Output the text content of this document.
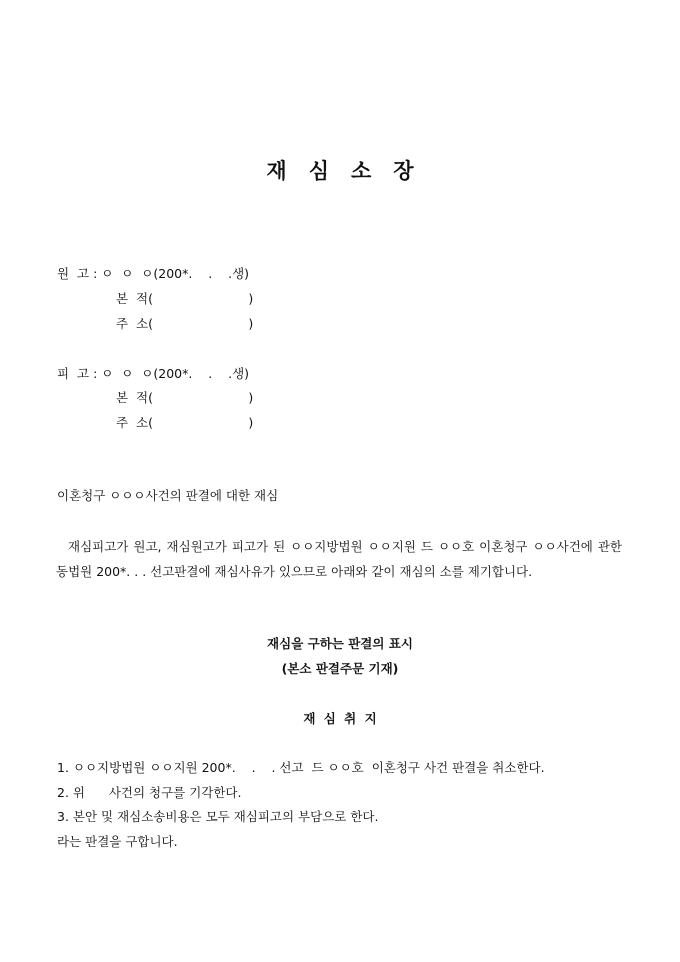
재 심 소 장
원  고 : ㅇ  ㅇ  ㅇ(200*.    .    .생)
본  적(                        )
주  소(                        )
피  고 : ㅇ  ㅇ  ㅇ(200*.    .    .생)
본  적(                        )
주  소(                        )
이혼청구 ㅇㅇㅇ사건의 판결에 대한 재심
재심피고가 원고, 재심원고가 피고가 된 ㅇㅇ지방법원 ㅇㅇ지원 드 ㅇㅇ호 이혼청구 ㅇㅇ사건에 관한 동법원 200*. . . 선고판결에 재심사유가 있으므로 아래와 같이 재심의 소를 제기합니다.
재심을 구하는 판결의 표시
(본소 판결주문 기재)
재 심 취 지
1. ㅇㅇ지방법원 ㅇㅇ지원 200*.    .    . 선고  드 ㅇㅇ호  이혼청구 사건 판결을 취소한다.
2. 위      사건의 청구를 기각한다.
3. 본안 및 재심소송비용은 모두 재심피고의 부담으로 한다.
라는 판결을 구합니다.
